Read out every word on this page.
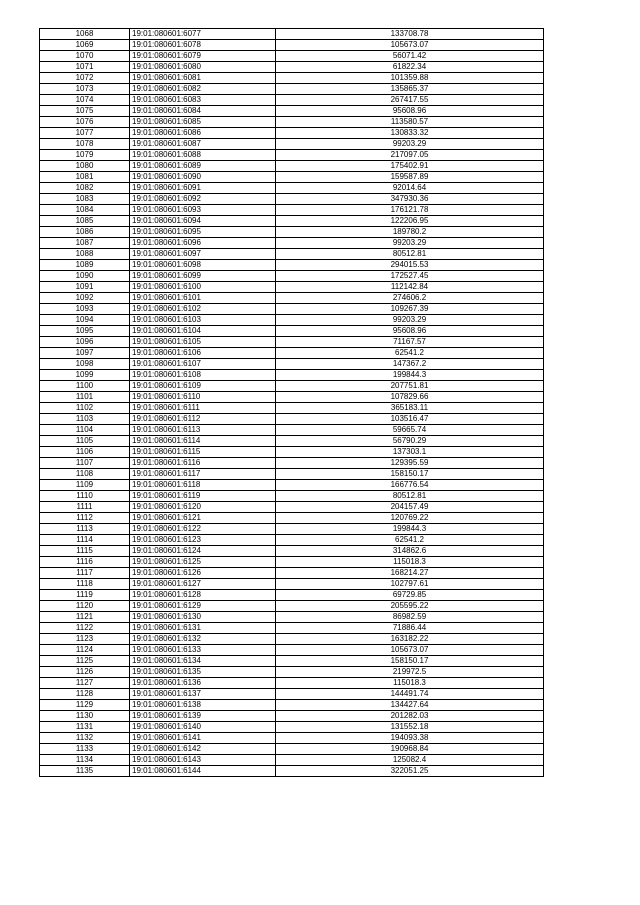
1068	19:01:080601:6077	133708.78
1069	19:01:080601:6078	105673.07
1070	19:01:080601:6079	56071.42
1071	19:01:080601:6080	61822.34
1072	19:01:080601:6081	101359.88
1073	19:01:080601:6082	135865.37
1074	19:01:080601:6083	267417.55
1075	19:01:080601:6084	95608.96
1076	19:01:080601:6085	113580.57
1077	19:01:080601:6086	130833.32
1078	19:01:080601:6087	99203.29
1079	19:01:080601:6088	217097.05
1080	19:01:080601:6089	175402.91
1081	19:01:080601:6090	159587.89
1082	19:01:080601:6091	92014.64
1083	19:01:080601:6092	347930.36
1084	19:01:080601:6093	176121.78
1085	19:01:080601:6094	122206.95
1086	19:01:080601:6095	189780.2
1087	19:01:080601:6096	99203.29
1088	19:01:080601:6097	80512.81
1089	19:01:080601:6098	294015.53
1090	19:01:080601:6099	172527.45
1091	19:01:080601:6100	112142.84
1092	19:01:080601:6101	274606.2
1093	19:01:080601:6102	109267.39
1094	19:01:080601:6103	99203.29
1095	19:01:080601:6104	95608.96
1096	19:01:080601:6105	71167.57
1097	19:01:080601:6106	62541.2
1098	19:01:080601:6107	147367.2
1099	19:01:080601:6108	199844.3
1100	19:01:080601:6109	207751.81
1101	19:01:080601:6110	107829.66
1102	19:01:080601:6111	365183.11
1103	19:01:080601:6112	103516.47
1104	19:01:080601:6113	59665.74
1105	19:01:080601:6114	56790.29
1106	19:01:080601:6115	137303.1
1107	19:01:080601:6116	129395.59
1108	19:01:080601:6117	158150.17
1109	19:01:080601:6118	166776.54
1110	19:01:080601:6119	80512.81
1111	19:01:080601:6120	204157.49
1112	19:01:080601:6121	120769.22
1113	19:01:080601:6122	199844.3
1114	19:01:080601:6123	62541.2
1115	19:01:080601:6124	314862.6
1116	19:01:080601:6125	115018.3
1117	19:01:080601:6126	168214.27
1118	19:01:080601:6127	102797.61
1119	19:01:080601:6128	69729.85
1120	19:01:080601:6129	205595.22
1121	19:01:080601:6130	86982.59
1122	19:01:080601:6131	71886.44
1123	19:01:080601:6132	163182.22
1124	19:01:080601:6133	105673.07
1125	19:01:080601:6134	158150.17
1126	19:01:080601:6135	219972.5
1127	19:01:080601:6136	115018.3
1128	19:01:080601:6137	144491.74
1129	19:01:080601:6138	134427.64
1130	19:01:080601:6139	201282.03
1131	19:01:080601:6140	131552.18
1132	19:01:080601:6141	194093.38
1133	19:01:080601:6142	190968.84
1134	19:01:080601:6143	125082.4
1135	19:01:080601:6144	322051.25
